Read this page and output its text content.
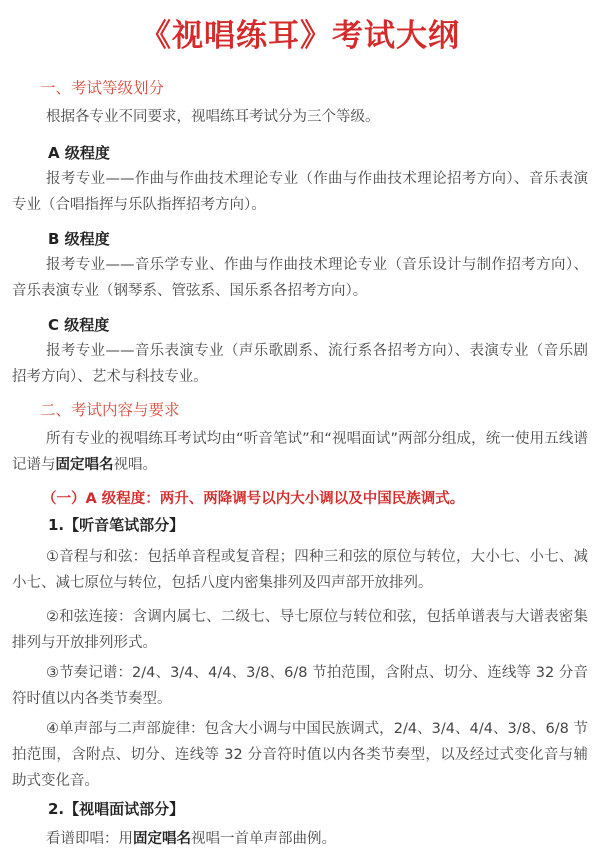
《视唱练耳》考试大纲
一、考试等级划分

根据各专业不同要求，视唱练耳考试分为三个等级。

A 级程度

报考专业——作曲与作曲技术理论专业（作曲与作曲技术理论招考方向）、音乐表演专业（合唱指挥与乐队指挥招考方向）。

B 级程度

报考专业——音乐学专业、作曲与作曲技术理论专业（音乐设计与制作招考方向）、音乐表演专业（钢琴系、管弦系、国乐系各招考方向）。

C 级程度

报考专业——音乐表演专业（声乐歌剧系、流行系各招考方向）、表演专业（音乐剧招考方向）、艺术与科技专业。

二、考试内容与要求

所有专业的视唱练耳考试均由“听音笔试”和“视唱面试”两部分组成，统一使用五线谱记谱与固定唱名视唱。

（一）A 级程度：两升、两降调号以内大小调以及中国民族调式。

1.【听音笔试部分】

①音程与和弦：包括单音程或复音程；四种三和弦的原位与转位，大小七、小七、减小七、减七原位与转位，包括八度内密集排列及四声部开放排列。

②和弦连接：含调内属七、二级七、导七原位与转位和弦，包括单谱表与大谱表密集排列与开放排列形式。

③节奏记谱：2/4、3/4、4/4、3/8、6/8 节拍范围，含附点、切分、连线等 32 分音符时值以内各类节奏型。

④单声部与二声部旋律：包含大小调与中国民族调式，2/4、3/4、4/4、3/8、6/8 节拍范围，含附点、切分、连线等 32 分音符时值以内各类节奏型，以及经过式变化音与辅助式变化音。

2.【视唱面试部分】

看谱即唱：用固定唱名视唱一首单声部曲例。
